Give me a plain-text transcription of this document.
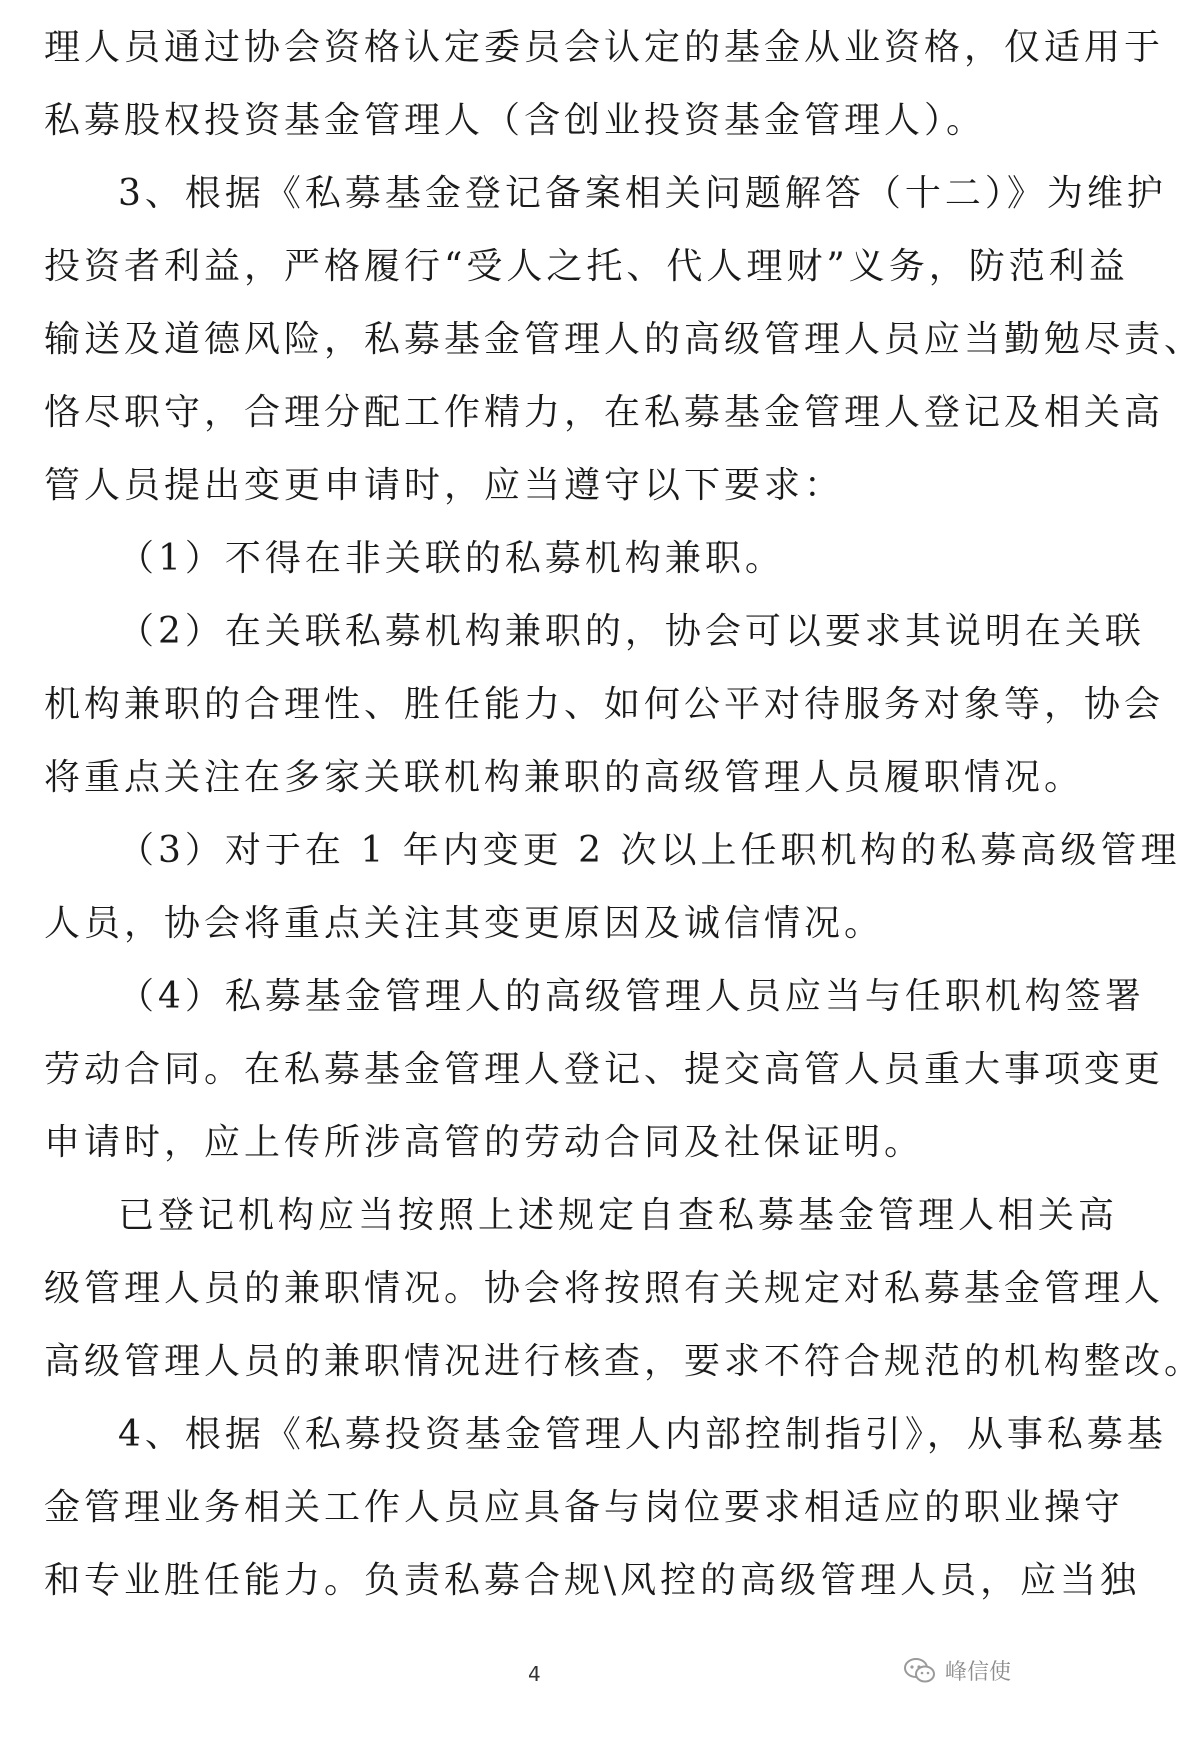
理人员通过协会资格认定委员会认定的基金从业资格，仅适用于
私募股权投资基金管理人（含创业投资基金管理人）。
3、根据《私募基金登记备案相关问题解答（十二）》为维护
投资者利益，严格履行“受人之托、代人理财”义务，防范利益
输送及道德风险，私募基金管理人的高级管理人员应当勤勉尽责、
恪尽职守，合理分配工作精力，在私募基金管理人登记及相关高
管人员提出变更申请时，应当遵守以下要求：
（1）不得在非关联的私募机构兼职。
（2）在关联私募机构兼职的，协会可以要求其说明在关联
机构兼职的合理性、胜任能力、如何公平对待服务对象等，协会
将重点关注在多家关联机构兼职的高级管理人员履职情况。
（3）对于在 1 年内变更 2 次以上任职机构的私募高级管理
人员，协会将重点关注其变更原因及诚信情况。
（4）私募基金管理人的高级管理人员应当与任职机构签署
劳动合同。在私募基金管理人登记、提交高管人员重大事项变更
申请时，应上传所涉高管的劳动合同及社保证明。
已登记机构应当按照上述规定自查私募基金管理人相关高
级管理人员的兼职情况。协会将按照有关规定对私募基金管理人
高级管理人员的兼职情况进行核查，要求不符合规范的机构整改。
4、根据《私募投资基金管理人内部控制指引》，从事私募基
金管理业务相关工作人员应具备与岗位要求相适应的职业操守
和专业胜任能力。负责私募合规\风控的高级管理人员，应当独
4	峰信使
